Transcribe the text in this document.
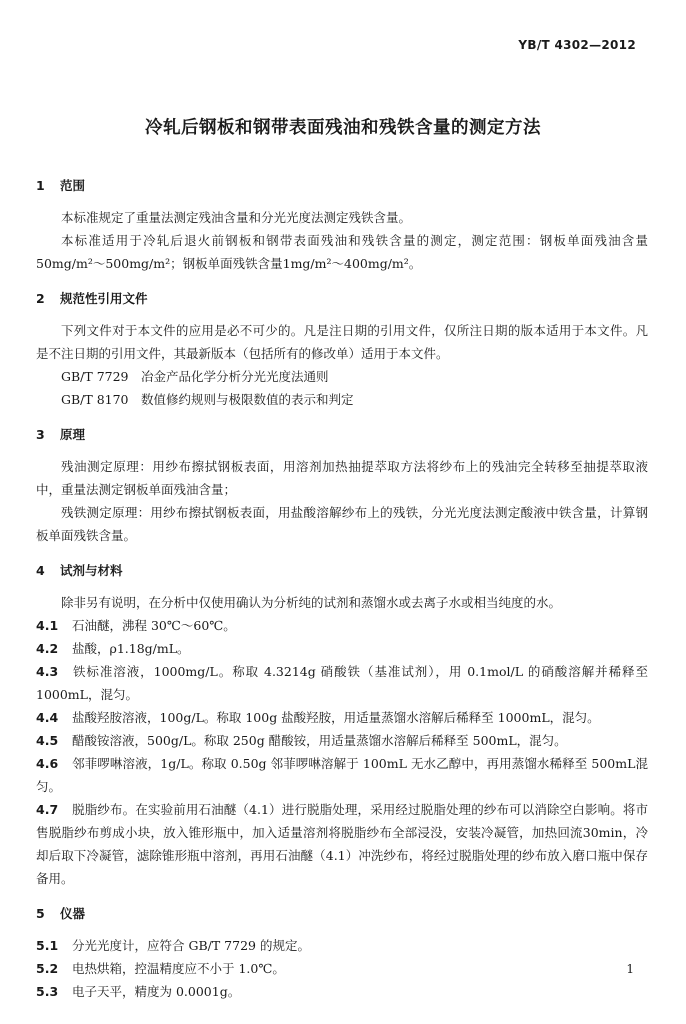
YB/T 4302—2012
冷轧后钢板和钢带表面残油和残铁含量的测定方法
1 范围

本标准规定了重量法测定残油含量和分光光度法测定残铁含量。

本标准适用于冷轧后退火前钢板和钢带表面残油和残铁含量的测定，测定范围：钢板单面残油含量50mg/m²～500mg/m²；钢板单面残铁含量1mg/m²～400mg/m²。

2 规范性引用文件

下列文件对于本文件的应用是必不可少的。凡是注日期的引用文件，仅所注日期的版本适用于本文件。凡是不注日期的引用文件，其最新版本（包括所有的修改单）适用于本文件。

GB/T 7729 冶金产品化学分析分光光度法通则

GB/T 8170 数值修约规则与极限数值的表示和判定

3 原理

残油测定原理：用纱布擦拭钢板表面，用溶剂加热抽提萃取方法将纱布上的残油完全转移至抽提萃取液中，重量法测定钢板单面残油含量；

残铁测定原理：用纱布擦拭钢板表面，用盐酸溶解纱布上的残铁，分光光度法测定酸液中铁含量，计算钢板单面残铁含量。

4 试剂与材料

除非另有说明，在分析中仅使用确认为分析纯的试剂和蒸馏水或去离子水或相当纯度的水。

4.1 石油醚，沸程 30℃～60℃。

4.2 盐酸，ρ1.18g/mL。

4.3 铁标准溶液，1000mg/L。称取 4.3214g 硝酸铁（基准试剂），用 0.1mol/L 的硝酸溶解并稀释至1000mL，混匀。

4.4 盐酸羟胺溶液，100g/L。称取 100g 盐酸羟胺，用适量蒸馏水溶解后稀释至 1000mL，混匀。

4.5 醋酸铵溶液，500g/L。称取 250g 醋酸铵，用适量蒸馏水溶解后稀释至 500mL，混匀。

4.6 邻菲啰啉溶液，1g/L。称取 0.50g 邻菲啰啉溶解于 100mL 无水乙醇中，再用蒸馏水稀释至 500mL混匀。

4.7 脱脂纱布。在实验前用石油醚（4.1）进行脱脂处理，采用经过脱脂处理的纱布可以消除空白影响。将市售脱脂纱布剪成小块，放入锥形瓶中，加入适量溶剂将脱脂纱布全部浸没，安装冷凝管，加热回流30min，冷却后取下冷凝管，滤除锥形瓶中溶剂，再用石油醚（4.1）冲洗纱布，将经过脱脂处理的纱布放入磨口瓶中保存备用。

5 仪器

5.1 分光光度计，应符合 GB/T 7729 的规定。

5.2 电热烘箱，控温精度应不小于 1.0℃。

5.3 电子天平，精度为 0.0001g。

1
